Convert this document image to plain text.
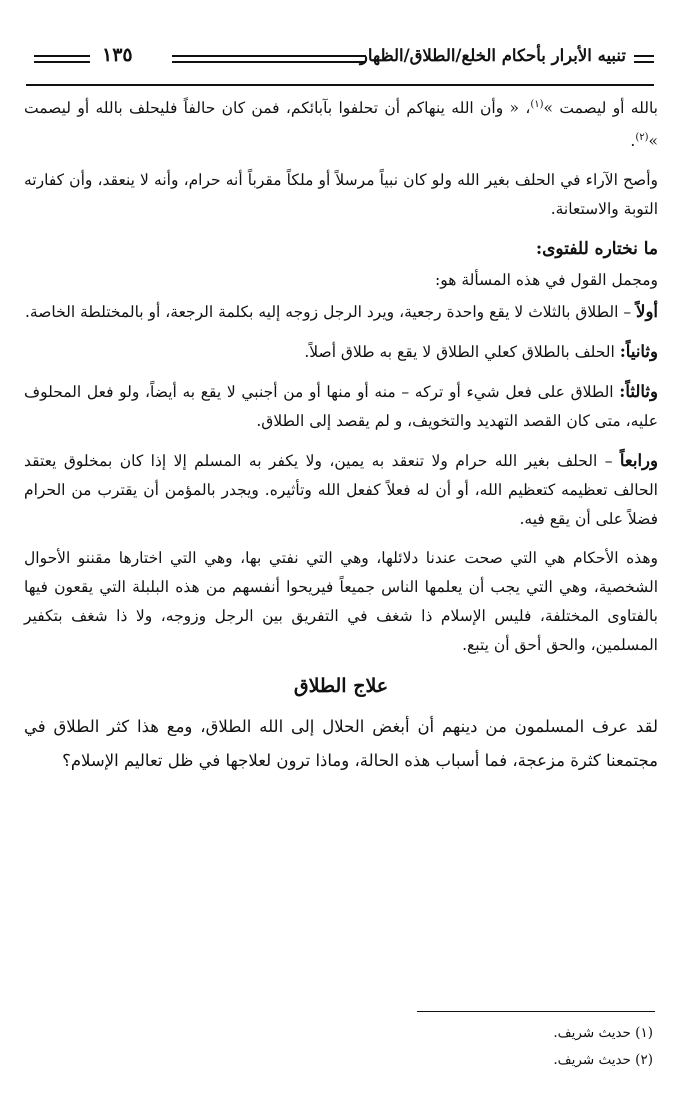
تنبيه الأبرار بأحكام الخلع/الطلاق/الظهار
١٣٥

بالله أو ليصمت »$^{(١)}$، « وأن الله ينهاكم أن تحلفوا بآبائكم، فمن كان حالفاً فليحلف بالله أو ليصمت »$^{(٢)}$.

وأصح الآراء في الحلف بغير الله ولو كان نبياً مرسلاً أو ملكاً مقرباً أنه حرام، وأنه لا ينعقد، وأن كفارته التوبة والاستعانة.

ما نختاره للفتوى:

ومجمل القول في هذه المسألة هو:

أولاً – الطلاق بالثلاث لا يقع واحدة رجعية، ويرد الرجل زوجه إليه بكلمة الرجعة، أو بالمختلطة الخاصة.

وثانياً: الحلف بالطلاق كعلي الطلاق لا يقع به طلاق أصلاً.

وثالثاً: الطلاق على فعل شيء أو تركه – منه أو منها أو من أجنبي لا يقع به أيضاً، ولو فعل المحلوف عليه، متى كان القصد التهديد والتخويف، و لم يقصد إلى الطلاق.

ورابعاً – الحلف بغير الله حرام ولا تنعقد به يمين، ولا يكفر به المسلم إلا إذا كان بمخلوق يعتقد الحالف تعظيمه كتعظيم الله، أو أن له فعلاً كفعل الله وتأثيره. ويجدر بالمؤمن أن يقترب من الحرام فضلاً على أن يقع فيه.

وهذه الأحكام هي التي صحت عندنا دلائلها، وهي التي نفتي بها، وهي التي اختارها مقننو الأحوال الشخصية، وهي التي يجب أن يعلمها الناس جميعاً فيريحوا أنفسهم من هذه البلبلة التي يقعون فيها بالفتاوى المختلفة، فليس الإسلام ذا شغف في التفريق بين الرجل وزوجه، ولا ذا شغف بتكفير المسلمين، والحق أحق أن يتبع.

علاج الطلاق

لقد عرف المسلمون من دينهم أن أبغض الحلال إلى الله الطلاق، ومع هذا كثر الطلاق في مجتمعنا كثرة مزعجة، فما أسباب هذه الحالة، وماذا ترون لعلاجها في ظل تعاليم الإسلام؟

(١) حديث شريف.
(٢) حديث شريف.
